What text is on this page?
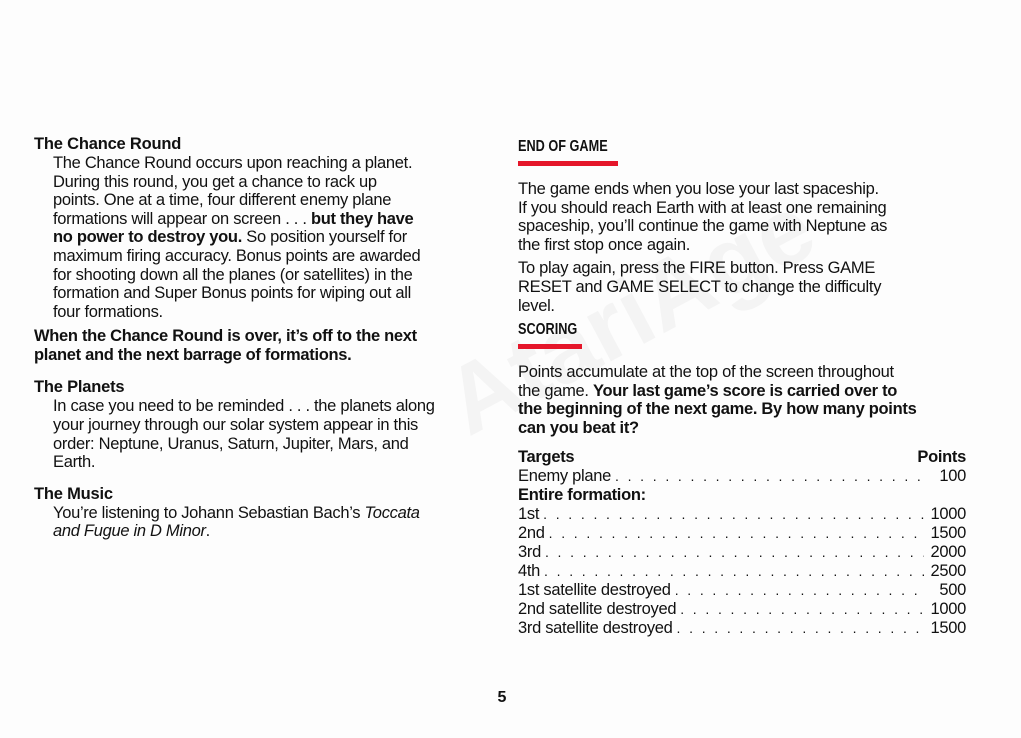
The Chance Round

The Chance Round occurs upon reaching a planet.
During this round, you get a chance to rack up
points. One at a time, four different enemy plane
formations will appear on screen . . . but they have
no power to destroy you. So position yourself for
maximum firing accuracy. Bonus points are awarded
for shooting down all the planes (or satellites) in the
formation and Super Bonus points for wiping out all
four formations.

When the Chance Round is over, it’s off to the next
planet and the next barrage of formations.

The Planets

In case you need to be reminded . . . the planets along
your journey through our solar system appear in this
order: Neptune, Uranus, Saturn, Jupiter, Mars, and
Earth.

The Music

You’re listening to Johann Sebastian Bach’s Toccata
and Fugue in D Minor.

END OF GAME

The game ends when you lose your last spaceship.
If you should reach Earth with at least one remaining
spaceship, you’ll continue the game with Neptune as
the first stop once again.

To play again, press the FIRE button. Press GAME
RESET and GAME SELECT to change the difficulty
level.

SCORING

Points accumulate at the top of the screen throughout
the game. Your last game’s score is carried over to
the beginning of the next game. By how many points
can you beat it?

Targets	Points
Enemy plane . . .	100
Entire formation:
1st . . .	1000
2nd . . .	1500
3rd . . .	2000
4th . . .	2500
1st satellite destroyed . . .	500
2nd satellite destroyed . . .	1000
3rd satellite destroyed . . .	1500
5
